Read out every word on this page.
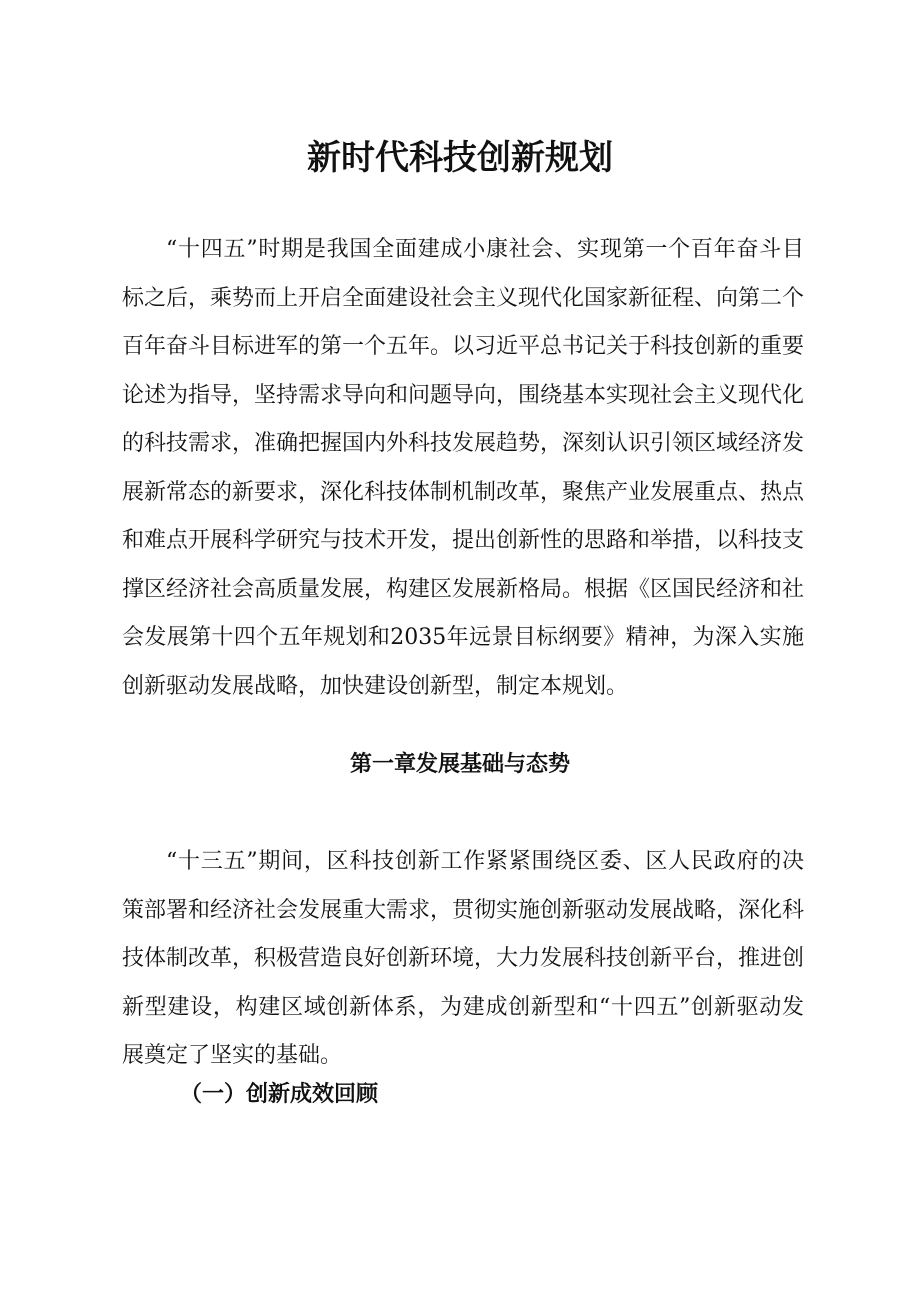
新时代科技创新规划

“十四五”时期是我国全面建成小康社会、实现第一个百年奋斗目标之后，乘势而上开启全面建设社会主义现代化国家新征程、向第二个百年奋斗目标进军的第一个五年。以习近平总书记关于科技创新的重要论述为指导，坚持需求导向和问题导向，围绕基本实现社会主义现代化的科技需求，准确把握国内外科技发展趋势，深刻认识引领区域经济发展新常态的新要求，深化科技体制机制改革，聚焦产业发展重点、热点和难点开展科学研究与技术开发，提出创新性的思路和举措，以科技支撑区经济社会高质量发展，构建区发展新格局。根据《区国民经济和社会发展第十四个五年规划和2035年远景目标纲要》精神，为深入实施创新驱动发展战略，加快建设创新型，制定本规划。

第一章发展基础与态势

“十三五”期间，区科技创新工作紧紧围绕区委、区人民政府的决策部署和经济社会发展重大需求，贯彻实施创新驱动发展战略，深化科技体制改革，积极营造良好创新环境，大力发展科技创新平台，推进创新型建设，构建区域创新体系，为建成创新型和“十四五”创新驱动发展奠定了坚实的基础。

（一）创新成效回顾
